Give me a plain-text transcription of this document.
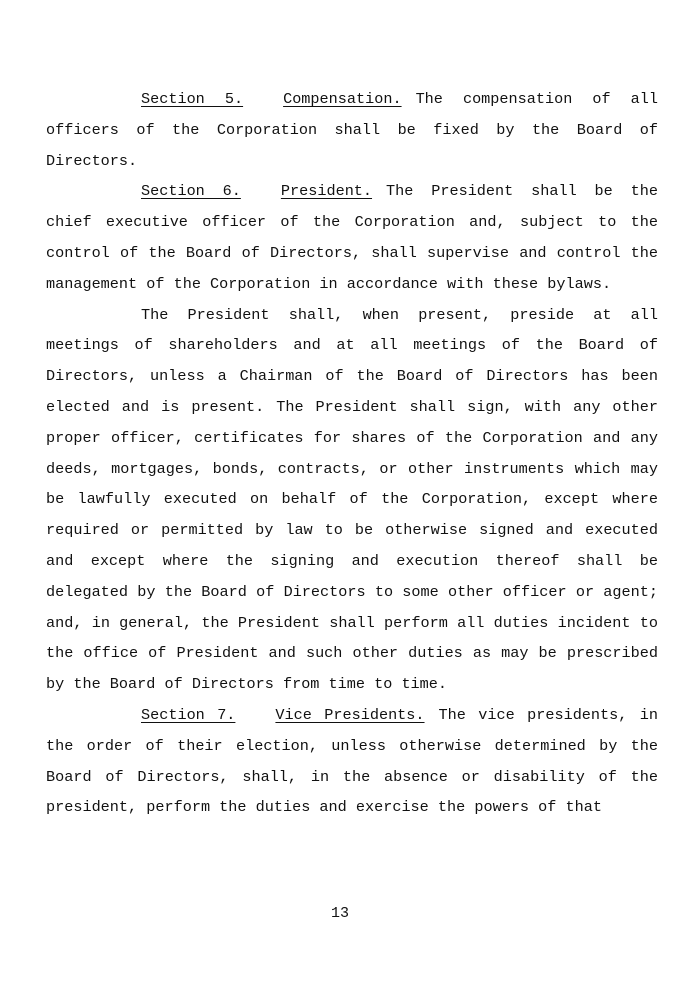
Section 5.	Compensation. The compensation of all officers of the Corporation shall be fixed by the Board of Directors.

Section 6.	President. The President shall be the chief executive officer of the Corporation and, subject to the control of the Board of Directors, shall supervise and control the management of the Corporation in accordance with these bylaws.

The President shall, when present, preside at all meetings of shareholders and at all meetings of the Board of Directors, unless a Chairman of the Board of Directors has been elected and is present. The President shall sign, with any other proper officer, certificates for shares of the Corporation and any deeds, mortgages, bonds, contracts, or other instruments which may be lawfully executed on behalf of the Corporation, except where required or permitted by law to be otherwise signed and executed and except where the signing and execution thereof shall be delegated by the Board of Directors to some other officer or agent; and, in general, the President shall perform all duties incident to the office of President and such other duties as may be prescribed by the Board of Directors from time to time.

Section 7.	Vice Presidents. The vice presidents, in the order of their election, unless otherwise determined by the Board of Directors, shall, in the absence or disability of the president, perform the duties and exercise the powers of that

13
